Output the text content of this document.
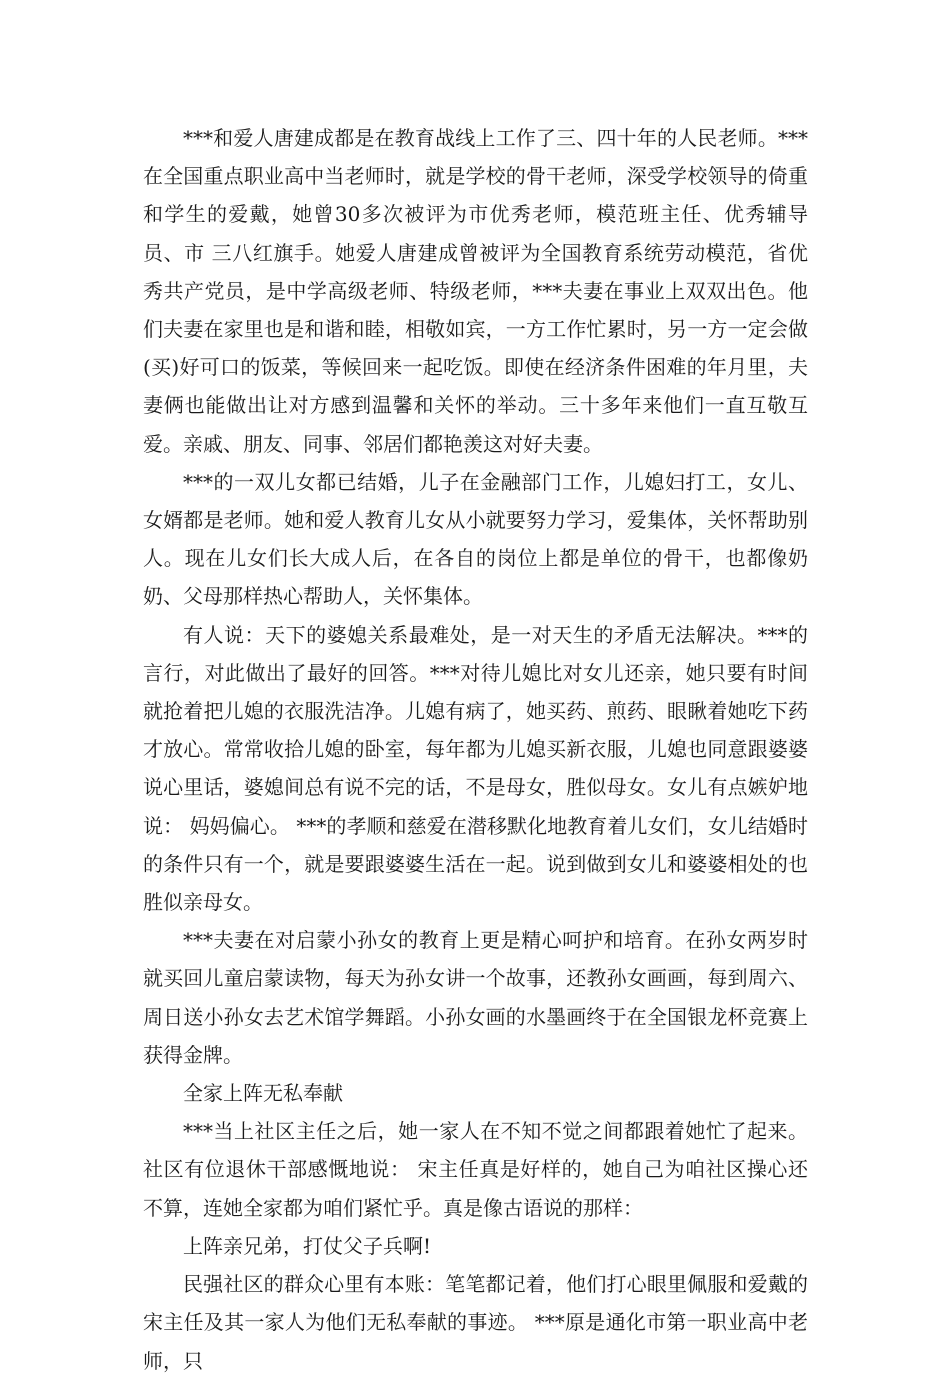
***和爱人唐建成都是在教育战线上工作了三、四十年的人民老师。***在全国重点职业高中当老师时，就是学校的骨干老师，深受学校领导的倚重和学生的爱戴，她曾30多次被评为市优秀老师，模范班主任、优秀辅导员、市 三八红旗手。她爱人唐建成曾被评为全国教育系统劳动模范，省优秀共产党员，是中学高级老师、特级老师，***夫妻在事业上双双出色。他们夫妻在家里也是和谐和睦，相敬如宾，一方工作忙累时，另一方一定会做(买)好可口的饭菜，等候回来一起吃饭。即使在经济条件困难的年月里，夫妻俩也能做出让对方感到温馨和关怀的举动。三十多年来他们一直互敬互爱。亲戚、朋友、同事、邻居们都艳羡这对好夫妻。

***的一双儿女都已结婚，儿子在金融部门工作，儿媳妇打工，女儿、女婿都是老师。她和爱人教育儿女从小就要努力学习，爱集体，关怀帮助别人。现在儿女们长大成人后，在各自的岗位上都是单位的骨干，也都像奶奶、父母那样热心帮助人，关怀集体。

有人说：天下的婆媳关系最难处，是一对天生的矛盾无法解决。***的言行，对此做出了最好的回答。***对待儿媳比对女儿还亲，她只要有时间就抢着把儿媳的衣服洗洁净。儿媳有病了，她买药、煎药、眼瞅着她吃下药才放心。常常收拾儿媳的卧室，每年都为儿媳买新衣服，儿媳也同意跟婆婆说心里话，婆媳间总有说不完的话，不是母女，胜似母女。女儿有点嫉妒地说： 妈妈偏心。 ***的孝顺和慈爱在潜移默化地教育着儿女们，女儿结婚时的条件只有一个，就是要跟婆婆生活在一起。说到做到女儿和婆婆相处的也胜似亲母女。

***夫妻在对启蒙小孙女的教育上更是精心呵护和培育。在孙女两岁时就买回儿童启蒙读物，每天为孙女讲一个故事，还教孙女画画，每到周六、周日送小孙女去艺术馆学舞蹈。小孙女画的水墨画终于在全国银龙杯竞赛上获得金牌。

全家上阵无私奉献

***当上社区主任之后，她一家人在不知不觉之间都跟着她忙了起来。社区有位退休干部感慨地说： 宋主任真是好样的，她自己为咱社区操心还不算，连她全家都为咱们紧忙乎。真是像古语说的那样：

上阵亲兄弟，打仗父子兵啊!

民强社区的群众心里有本账：笔笔都记着，他们打心眼里佩服和爱戴的宋主任及其一家人为他们无私奉献的事迹。 ***原是通化市第一职业高中老师，只
